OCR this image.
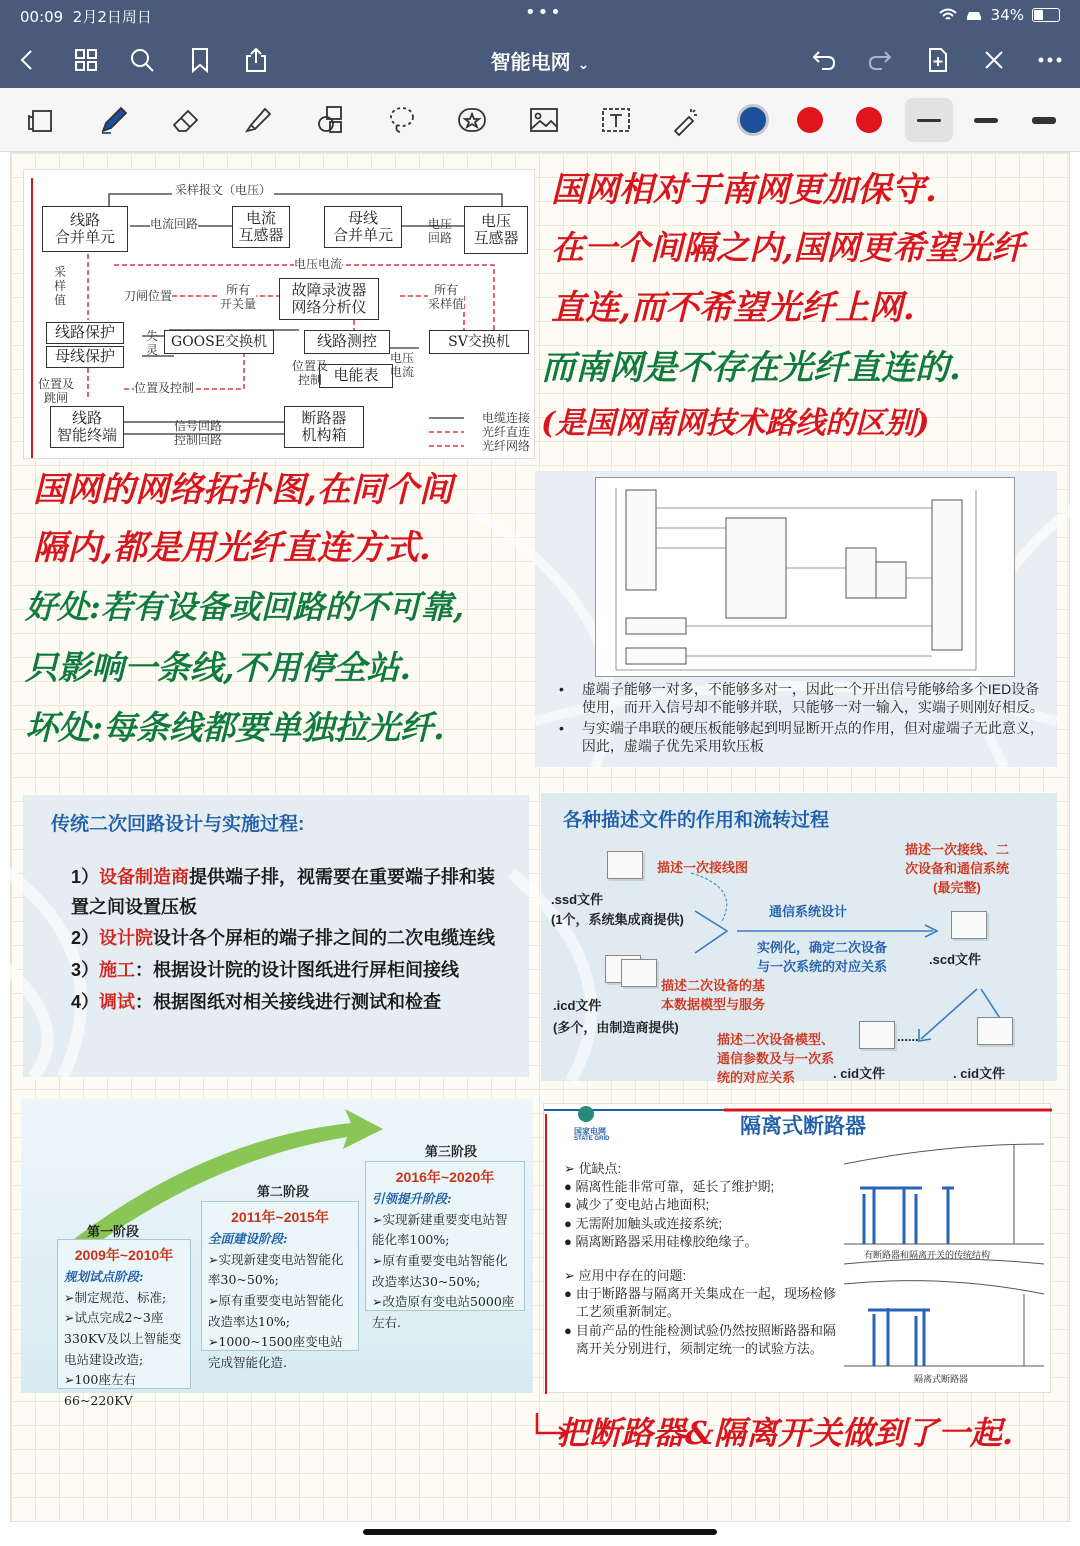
00:09 2月2日周日	•••	34%
智能电网 ⌄
采样报文（电压）
线路
合并单元
电流
互感器
母线
合并单元
电压
互感器
故障录波器
网络分析仪
线路保护
母线保护
GOOSE交换机	线路测控	SV交换机
电能表
线路
智能终端
断路器
机构箱
电流回路	电压
回路
电压电流
采
样
值	刀闸位置	所有
开关量
所有
采样值
失
灵
位置及
控制
电压
电流
位置及
跳闸
位置及控制
信号回路
控制回路
电缆连接
光纤直连
光纤网络
国网相对于南网更加保守.
在一个间隔之内,国网更希望光纤
直连,而不希望光纤上网.
而南网是不存在光纤直连的.
(是国网南网技术路线的区别)
国网的网络拓扑图,在同个间
隔内,都是用光纤直连方式.
好处:若有设备或回路的不可靠,
只影响一条线,不用停全站.
坏处:每条线都要单独拉光纤.
• 虚端子能够一对多，不能够多对一，因此一个开出信号能够给多个IED设备使用，而开入信号却不能够并联，只能够一对一输入，实端子则刚好相反。
• 与实端子串联的硬压板能够起到明显断开点的作用，但对虚端子无此意义，因此，虚端子优先采用软压板
传统二次回路设计与实施过程:
1）设备制造商提供端子排，视需要在重要端子排和装置之间设置压板
2）设计院设计各个屏柜的端子排之间的二次电缆连线
3）施工：根据设计院的设计图纸进行屏柜间接线
4）调试：根据图纸对相关接线进行测试和检查
各种描述文件的作用和流转过程
.ssd文件
(1个，系统集成商提供)
.icd文件
(多个，由制造商提供)
描述一次接线图
描述一次接线、二
次设备和通信系统
(最完整)
通信系统设计
实例化，确定二次设备
与一次系统的对应关系	.scd文件
描述二次设备的基
本数据模型与服务
描述二次设备模型、
通信参数及与一次系
统的对应关系	. cid文件	. cid文件
......
第一阶段
第二阶段
第三阶段
2009年~2010年
规划试点阶段:
➢制定规范、标准;
➢试点完成2~3座330KV及以上智能变电站建设改造;
➢100座左右66~220KV
2011年~2015年
全面建设阶段:
➢实现新建变电站智能化率30~50%;
➢原有重要变电站智能化改造率达10%;
➢1000~1500座变电站完成智能化造.
2016年~2020年
引领提升阶段:
➢实现新建重要变电站智能化率100%;
➢原有重要变电站智能化改造率达30~50%;
➢改造原有变电站5000座左右.
国家电网
STATE GRID
隔离式断路器
➢ 优缺点:
● 隔离性能非常可靠，延长了维护期;
● 减少了变电站占地面积;
● 无需附加触头或连接系统;
● 隔离断路器采用硅橡胶绝缘子。
➢ 应用中存在的问题:
● 由于断路器与隔离开关集成在一起，现场检修工艺须重新制定。
● 目前产品的性能检测试验仍然按照断路器和隔离开关分别进行，须制定统一的试验方法。
有断路器和隔离开关的传统结构
隔离式断路器
把断路器&隔离开关做到了一起.
